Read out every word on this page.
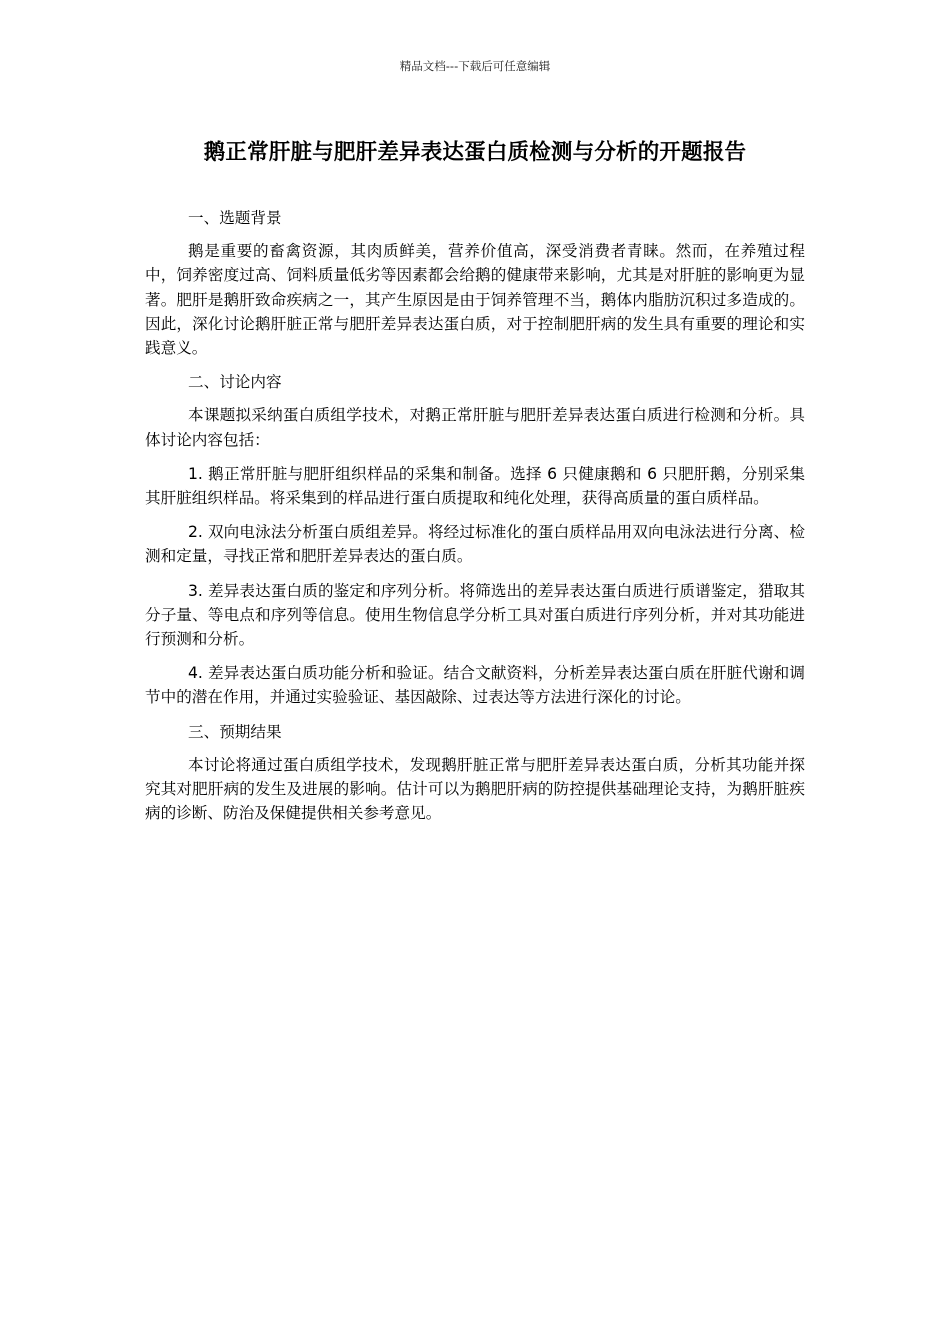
精品文档---下载后可任意编辑
鹅正常肝脏与肥肝差异表达蛋白质检测与分析的开题报告

一、选题背景

鹅是重要的畜禽资源，其肉质鲜美，营养价值高，深受消费者青睐。然而，在养殖过程中，饲养密度过高、饲料质量低劣等因素都会给鹅的健康带来影响，尤其是对肝脏的影响更为显著。肥肝是鹅肝致命疾病之一，其产生原因是由于饲养管理不当，鹅体内脂肪沉积过多造成的。因此，深化讨论鹅肝脏正常与肥肝差异表达蛋白质，对于控制肥肝病的发生具有重要的理论和实践意义。

二、讨论内容

本课题拟采纳蛋白质组学技术，对鹅正常肝脏与肥肝差异表达蛋白质进行检测和分析。具体讨论内容包括：

1. 鹅正常肝脏与肥肝组织样品的采集和制备。选择 6 只健康鹅和 6 只肥肝鹅，分别采集其肝脏组织样品。将采集到的样品进行蛋白质提取和纯化处理，获得高质量的蛋白质样品。

2. 双向电泳法分析蛋白质组差异。将经过标准化的蛋白质样品用双向电泳法进行分离、检测和定量，寻找正常和肥肝差异表达的蛋白质。

3. 差异表达蛋白质的鉴定和序列分析。将筛选出的差异表达蛋白质进行质谱鉴定，猎取其分子量、等电点和序列等信息。使用生物信息学分析工具对蛋白质进行序列分析，并对其功能进行预测和分析。

4. 差异表达蛋白质功能分析和验证。结合文献资料，分析差异表达蛋白质在肝脏代谢和调节中的潜在作用，并通过实验验证、基因敲除、过表达等方法进行深化的讨论。

三、预期结果

本讨论将通过蛋白质组学技术，发现鹅肝脏正常与肥肝差异表达蛋白质，分析其功能并探究其对肥肝病的发生及进展的影响。估计可以为鹅肥肝病的防控提供基础理论支持，为鹅肝脏疾病的诊断、防治及保健提供相关参考意见。
